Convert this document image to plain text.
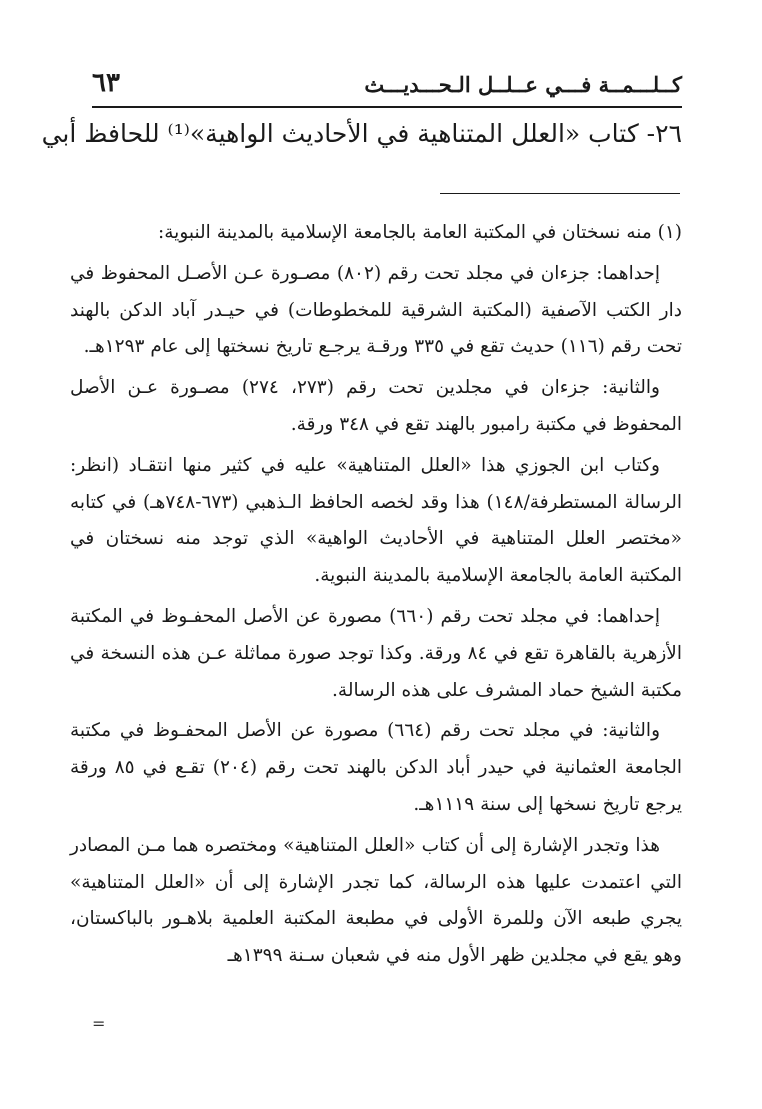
كــلـــمــة فـــي عــلــل الـحـــديـــث
٦٣
٢٦- كتاب «العلل المتناهية في الأحاديث الواهية»⁽¹⁾ للحافظ أبي

(١) منه نسختان في المكتبة العامة بالجامعة الإسلامية بالمدينة النبوية:

إحداهما: جزءان في مجلد تحت رقم (٨٠٢) مصـورة عـن الأصـل المحفوظ في دار الكتب الآصفية (المكتبة الشرقية للمخطوطات) في حيـدر آباد الدكن بالهند تحت رقم (١١٦) حديث تقع في ٣٣٥ ورقـة يرجـع تاريخ نسختها إلى عام ١٢٩٣هـ.

والثانية: جزءان في مجلدين تحت رقم (٢٧٣، ٢٧٤) مصـورة عـن الأصل المحفوظ في مكتبة رامبور بالهند تقع في ٣٤٨ ورقة.

وكتاب ابن الجوزي هذا «العلل المتناهية» عليه في كثير منها انتقـاد (انظر: الرسالة المستطرفة/١٤٨) هذا وقد لخصه الحافظ الـذهبي (٦٧٣-٧٤٨هـ) في كتابه «مختصر العلل المتناهية في الأحاديث الواهية» الذي توجد منه نسختان في المكتبة العامة بالجامعة الإسلامية بالمدينة النبوية.

إحداهما: في مجلد تحت رقم (٦٦٠) مصورة عن الأصل المحفـوظ في المكتبة الأزهرية بالقاهرة تقع في ٨٤ ورقة. وكذا توجد صورة مماثلة عـن هذه النسخة في مكتبة الشيخ حماد المشرف على هذه الرسالة.

والثانية: في مجلد تحت رقم (٦٦٤) مصورة عن الأصل المحفـوظ في مكتبة الجامعة العثمانية في حيدر أباد الدكن بالهند تحت رقم (٢٠٤) تقـع في ٨٥ ورقة يرجع تاريخ نسخها إلى سنة ١١١٩هـ.

هذا وتجدر الإشارة إلى أن كتاب «العلل المتناهية» ومختصره هما مـن المصادر التي اعتمدت عليها هذه الرسالة، كما تجدر الإشارة إلى أن «العلل المتناهية» يجري طبعه الآن وللمرة الأولى في مطبعة المكتبة العلمية بلاهـور بالباكستان، وهو يقع في مجلدين ظهر الأول منه في شعبان سـنة ١٣٩٩هـ

=
